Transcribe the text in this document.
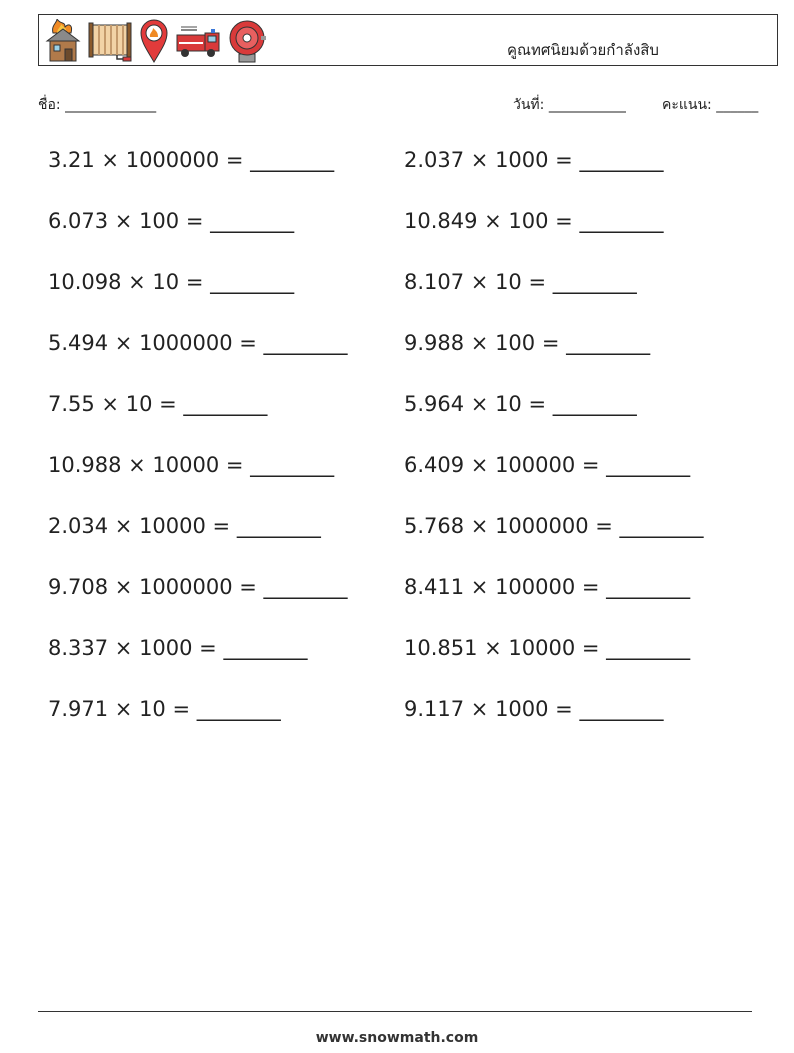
คูณทศนิยมด้วยกำลังสิบ
ชื่อ: _____________	วันที่: ___________	คะแนน: ______
3.21 × 1000000 = ________
6.073 × 100 = ________
10.098 × 10 = ________
5.494 × 1000000 = ________
7.55 × 10 = ________
10.988 × 10000 = ________
2.034 × 10000 = ________
9.708 × 1000000 = ________
8.337 × 1000 = ________
7.971 × 10 = ________
2.037 × 1000 = ________
10.849 × 100 = ________
8.107 × 10 = ________
9.988 × 100 = ________
5.964 × 10 = ________
6.409 × 100000 = ________
5.768 × 1000000 = ________
8.411 × 100000 = ________
10.851 × 10000 = ________
9.117 × 1000 = ________
www.snowmath.com
